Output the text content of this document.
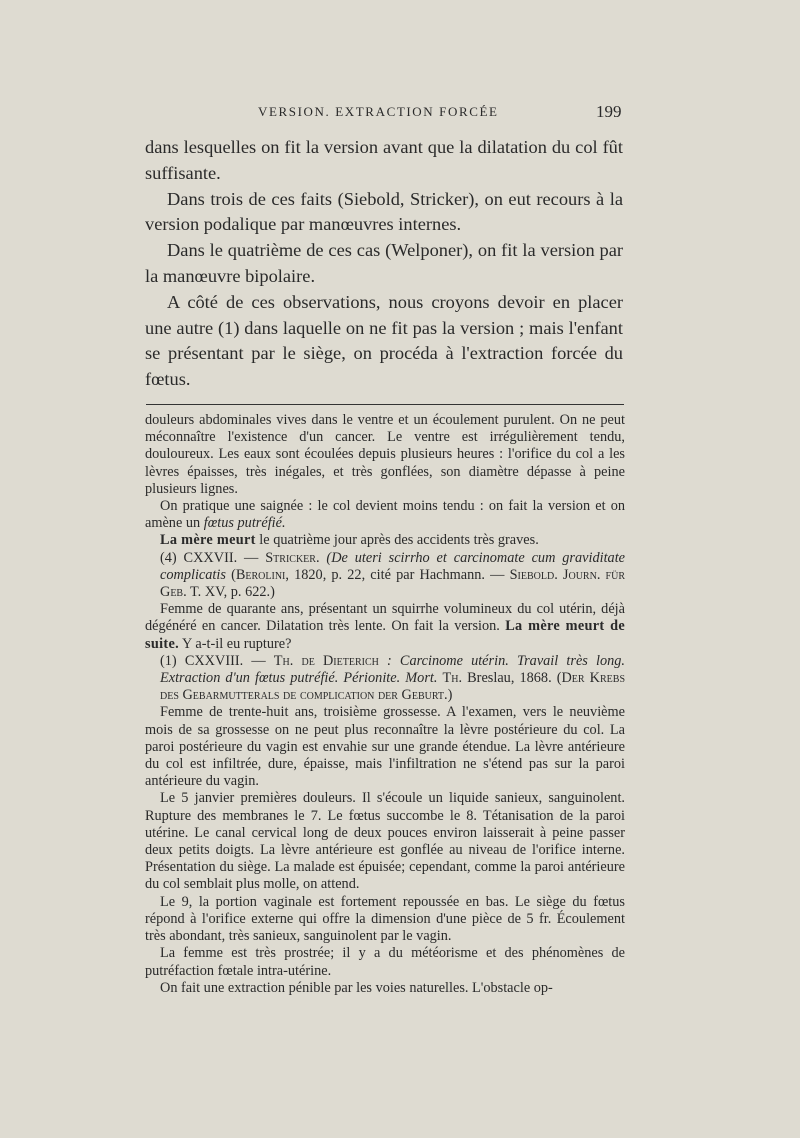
VERSION. EXTRACTION FORCÉE	199

dans lesquelles on fit la version avant que la dilatation du col fût suffisante.

Dans trois de ces faits (Siebold, Stricker), on eut recours à la version podalique par manœuvres internes.

Dans le quatrième de ces cas (Welponer), on fit la version par la manœuvre bipolaire.

A côté de ces observations, nous croyons devoir en placer une autre (1) dans laquelle on ne fit pas la version ; mais l'enfant se présentant par le siège, on procéda à l'extraction forcée du fœtus.

douleurs abdominales vives dans le ventre et un écoulement purulent. On ne peut méconnaître l'existence d'un cancer. Le ventre est irrégulièrement tendu, douloureux. Les eaux sont écoulées depuis plusieurs heures : l'orifice du col a les lèvres épaisses, très inégales, et très gonflées, son diamètre dépasse à peine plusieurs lignes.

On pratique une saignée : le col devient moins tendu : on fait la version et on amène un fœtus putréfié.

La mère meurt le quatrième jour après des accidents très graves.

(4) CXXVII. — Stricker. (De uteri scirrho et carcinomate cum graviditate complicatis (Berolini, 1820, p. 22, cité par Hachmann. — Siebold. Journ. für Geb. T. XV, p. 622.)

Femme de quarante ans, présentant un squirrhe volumineux du col utérin, déjà dégénéré en cancer. Dilatation très lente. On fait la version. La mère meurt de suite. Y a-t-il eu rupture?

(1) CXXVIII. — Th. de Dieterich : Carcinome utérin. Travail très long. Extraction d'un fœtus putréfié. Périonite. Mort. Th. Breslau, 1868. (Der Krebs des Gebarmutterals de complication der Geburt.)

Femme de trente-huit ans, troisième grossesse. A l'examen, vers le neuvième mois de sa grossesse on ne peut plus reconnaître la lèvre postérieure du col. La paroi postérieure du vagin est envahie sur une grande étendue. La lèvre antérieure du col est infiltrée, dure, épaisse, mais l'infiltration ne s'étend pas sur la paroi antérieure du vagin.

Le 5 janvier premières douleurs. Il s'écoule un liquide sanieux, sanguinolent. Rupture des membranes le 7. Le fœtus succombe le 8. Tétanisation de la paroi utérine. Le canal cervical long de deux pouces environ laisserait à peine passer deux petits doigts. La lèvre antérieure est gonflée au niveau de l'orifice interne. Présentation du siège. La malade est épuisée; cependant, comme la paroi antérieure du col semblait plus molle, on attend.

Le 9, la portion vaginale est fortement repoussée en bas. Le siège du fœtus répond à l'orifice externe qui offre la dimension d'une pièce de 5 fr. Écoulement très abondant, très sanieux, sanguinolent par le vagin.

La femme est très prostrée; il y a du météorisme et des phénomènes de putréfaction fœtale intra-utérine.

On fait une extraction pénible par les voies naturelles. L'obstacle op-
